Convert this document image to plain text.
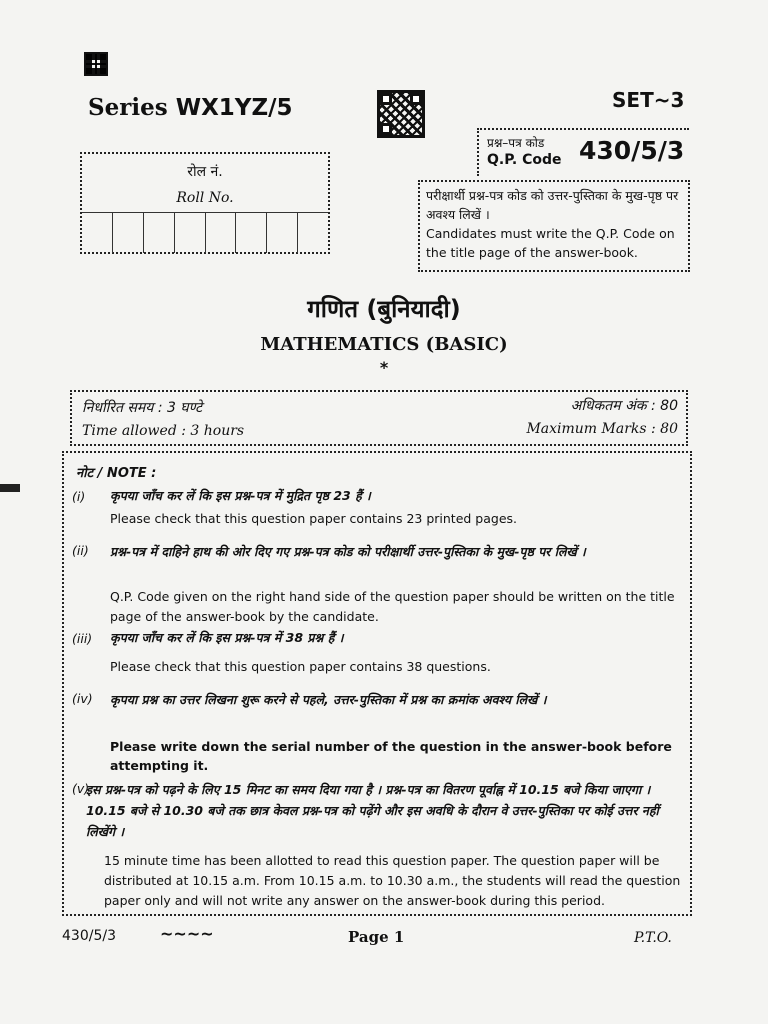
Series WX1YZ/5	SET~3
प्रश्न–पत्र कोड
Q.P. Code 430/5/3
रोल नं.
Roll No.	परीक्षार्थी प्रश्न-पत्र कोड को उत्तर-पुस्तिका के मुख-पृष्ठ पर अवश्य लिखें ।
Candidates must write the Q.P. Code on the title page of the answer-book.
गणित (बुनियादी)
MATHEMATICS (BASIC)
*
निर्धारित समय : 3 घण्टे
Time allowed : 3 hours
अधिकतम अंक : 80
Maximum Marks : 80
नोट / NOTE :
(i) कृपया जाँच कर लें कि इस प्रश्न-पत्र में मुद्रित पृष्ठ 23 हैं ।
Please check that this question paper contains 23 printed pages.
(ii) प्रश्न-पत्र में दाहिने हाथ की ओर दिए गए प्रश्न-पत्र कोड को परीक्षार्थी उत्तर-पुस्तिका के मुख-पृष्ठ पर लिखें ।
Q.P. Code given on the right hand side of the question paper should be written on the title page of the answer-book by the candidate.
(iii) कृपया जाँच कर लें कि इस प्रश्न-पत्र में 38 प्रश्न हैं ।
Please check that this question paper contains 38 questions.
(iv) कृपया प्रश्न का उत्तर लिखना शुरू करने से पहले, उत्तर-पुस्तिका में प्रश्न का क्रमांक अवश्य लिखें ।
Please write down the serial number of the question in the answer-book before attempting it.
(v)
इस प्रश्न-पत्र को पढ़ने के लिए 15 मिनट का समय दिया गया है । प्रश्न-पत्र का वितरण पूर्वाह्न में 10.15 बजे किया जाएगा । 10.15 बजे से 10.30 बजे तक छात्र केवल प्रश्न-पत्र को पढ़ेंगे और इस अवधि के दौरान वे उत्तर-पुस्तिका पर कोई उत्तर नहीं लिखेंगे ।
15 minute time has been allotted to read this question paper. The question paper will be distributed at 10.15 a.m. From 10.15 a.m. to 10.30 a.m., the students will read the question paper only and will not write any answer on the answer-book during this period.
430/5/3	~~~~	Page 1	P.T.O.
